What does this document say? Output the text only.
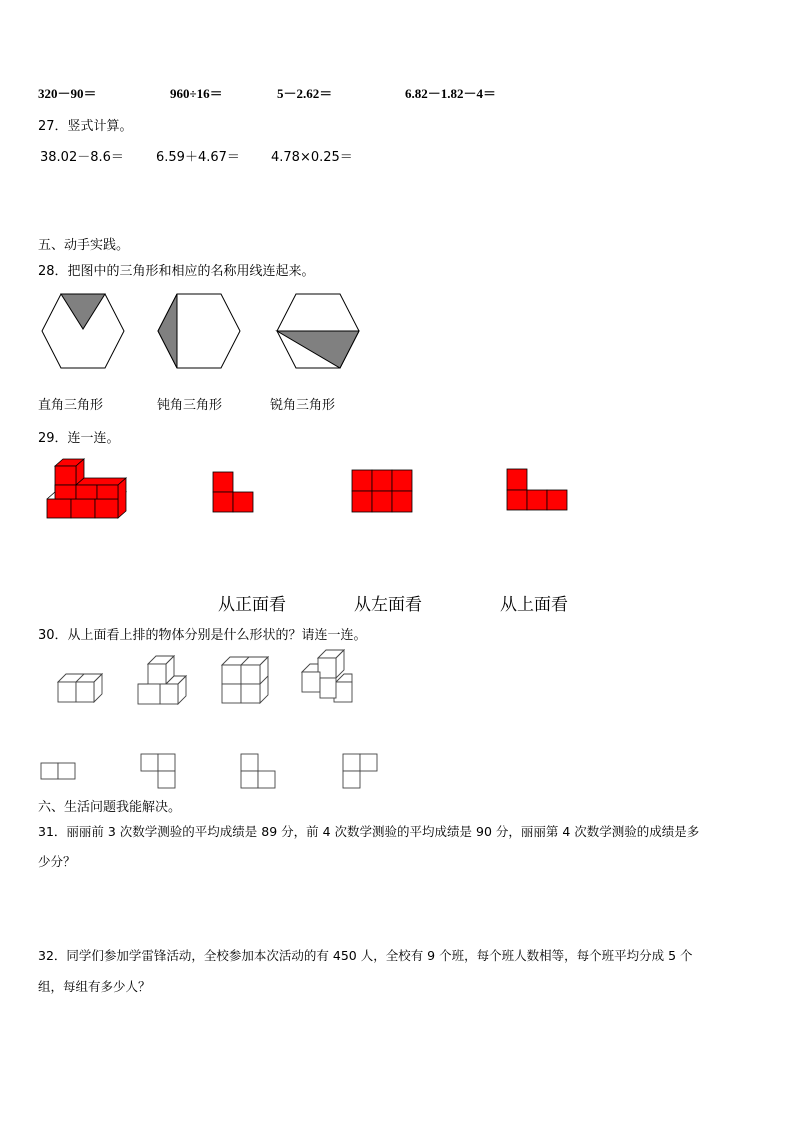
320－90＝	960÷16＝	5－2.62＝	6.82－1.82－4＝
27．竖式计算。
38.02－8.6＝ 6.59＋4.67＝ 4.78×0.25＝
五、动手实践。
28．把图中的三角形和相应的名称用线连起来。
直角三角形	钝角三角形	锐角三角形
29．连一连。
从正面看	从左面看	从上面看
30．从上面看上排的物体分别是什么形状的？请连一连。
六、生活问题我能解决。
31．丽丽前 3 次数学测验的平均成绩是 89 分，前 4 次数学测验的平均成绩是 90 分，丽丽第 4 次数学测验的成绩是多
少分？
32．同学们参加学雷锋活动，全校参加本次活动的有 450 人，全校有 9 个班，每个班人数相等，每个班平均分成 5 个
组，每组有多少人？
